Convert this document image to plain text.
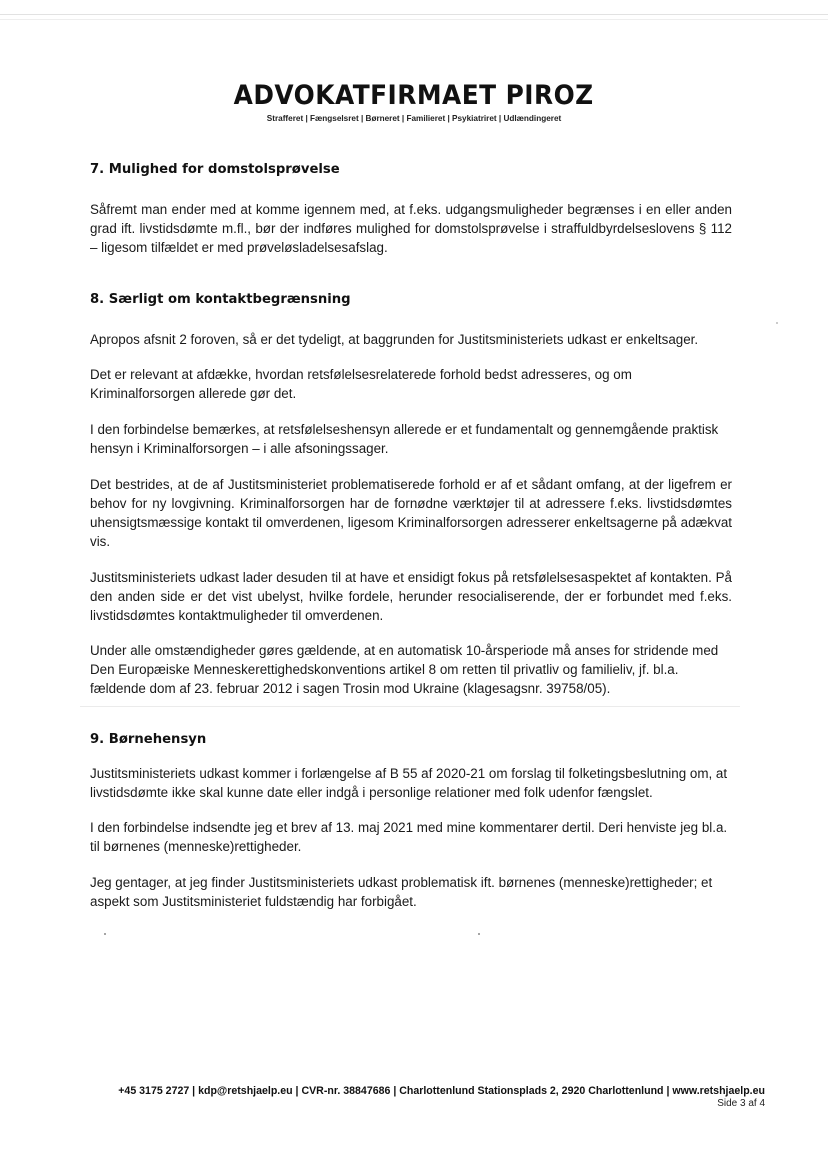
ADVOKATFIRMAET PIROZ
Strafferet | Fængselsret | Børneret | Familieret | Psykiatriret | Udlændingeret
7. Mulighed for domstolsprøvelse

Såfremt man ender med at komme igennem med, at f.eks. udgangsmuligheder begrænses i en eller anden grad ift. livstidsdømte m.fl., bør der indføres mulighed for domstolsprøvelse i straffuldbyrdelseslovens § 112 – ligesom tilfældet er med prøveløsladelsesafslag.

8. Særligt om kontaktbegrænsning

Apropos afsnit 2 foroven, så er det tydeligt, at baggrunden for Justitsministeriets udkast er enkeltsager.

Det er relevant at afdække, hvordan retsfølelsesrelaterede forhold bedst adresseres, og om Kriminalforsorgen allerede gør det.

I den forbindelse bemærkes, at retsfølelseshensyn allerede er et fundamentalt og gennemgående praktisk hensyn i Kriminalforsorgen – i alle afsoningssager.

Det bestrides, at de af Justitsministeriet problematiserede forhold er af et sådant omfang, at der ligefrem er behov for ny lovgivning. Kriminalforsorgen har de fornødne værktøjer til at adressere f.eks. livstidsdømtes uhensigtsmæssige kontakt til omverdenen, ligesom Kriminalforsorgen adresserer enkeltsagerne på adækvat vis.

Justitsministeriets udkast lader desuden til at have et ensidigt fokus på retsfølelsesaspektet af kontakten. På den anden side er det vist ubelyst, hvilke fordele, herunder resocialiserende, der er forbundet med f.eks. livstidsdømtes kontaktmuligheder til omverdenen.

Under alle omstændigheder gøres gældende, at en automatisk 10-årsperiode må anses for stridende med Den Europæiske Menneskerettighedskonventions artikel 8 om retten til privatliv og familieliv, jf. bl.a. fældende dom af 23. februar 2012 i sagen Trosin mod Ukraine (klagesagsnr. 39758/05).

9. Børnehensyn

Justitsministeriets udkast kommer i forlængelse af B 55 af 2020-21 om forslag til folketingsbeslutning om, at livstidsdømte ikke skal kunne date eller indgå i personlige relationer med folk udenfor fængslet.

I den forbindelse indsendte jeg et brev af 13. maj 2021 med mine kommentarer dertil. Deri henviste jeg bl.a. til børnenes (menneske)rettigheder.

Jeg gentager, at jeg finder Justitsministeriets udkast problematisk ift. børnenes (menneske)rettigheder; et aspekt som Justitsministeriet fuldstændig har forbigået.

+45 3175 2727 | kdp@retshjaelp.eu | CVR-nr. 38847686 | Charlottenlund Stationsplads 2, 2920 Charlottenlund | www.retshjaelp.eu
Side 3 af 4
